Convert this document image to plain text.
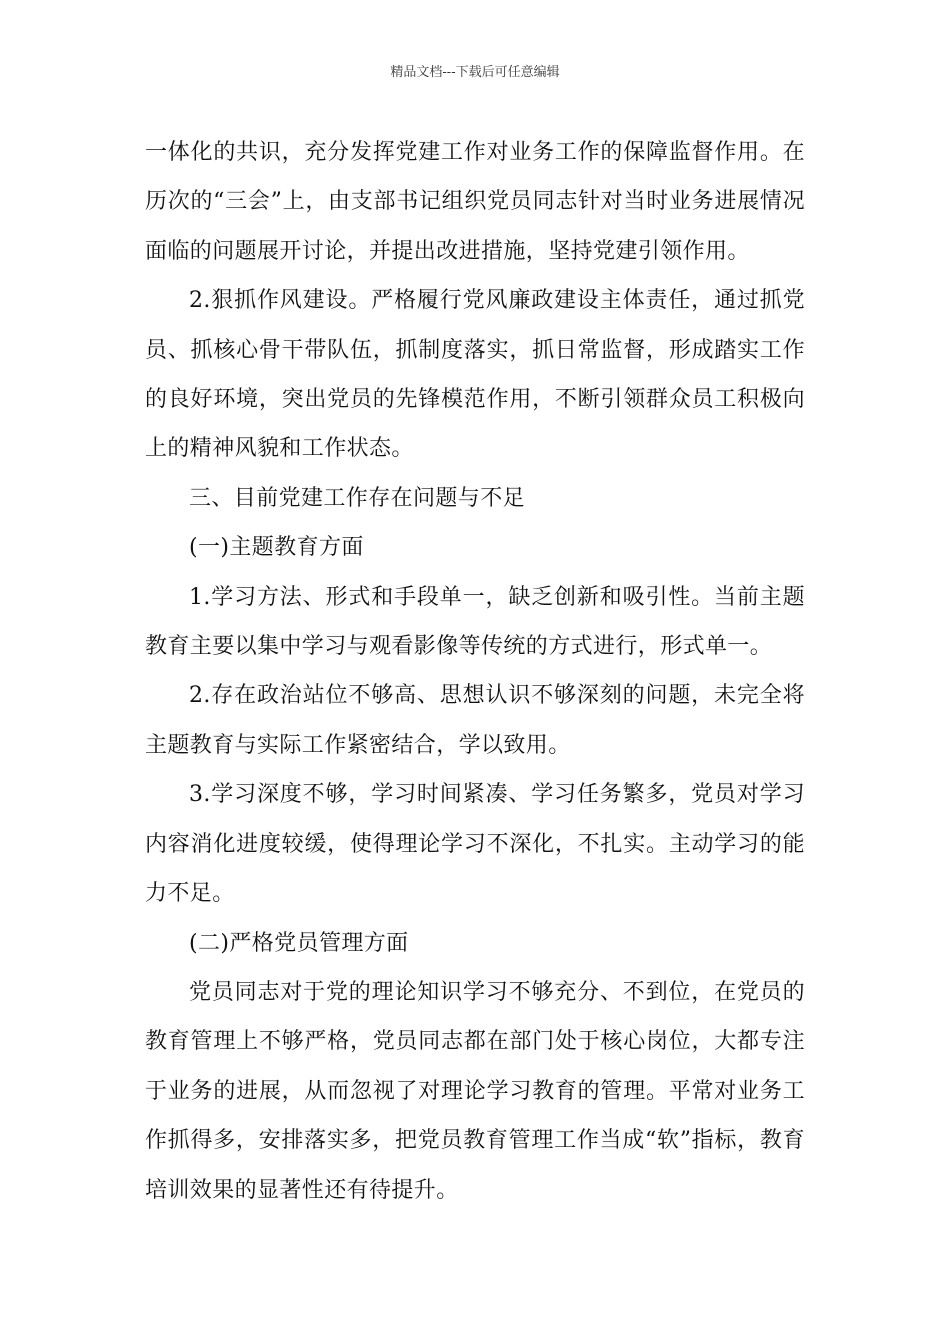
精品文档---下载后可任意编辑

一体化的共识，充分发挥党建工作对业务工作的保障监督作用。在历次的“三会”上，由支部书记组织党员同志针对当时业务进展情况面临的问题展开讨论，并提出改进措施，坚持党建引领作用。

2.狠抓作风建设。严格履行党风廉政建设主体责任，通过抓党员、抓核心骨干带队伍，抓制度落实，抓日常监督，形成踏实工作的良好环境，突出党员的先锋模范作用，不断引领群众员工积极向上的精神风貌和工作状态。

三、目前党建工作存在问题与不足

(一)主题教育方面

1.学习方法、形式和手段单一，缺乏创新和吸引性。当前主题教育主要以集中学习与观看影像等传统的方式进行，形式单一。

2.存在政治站位不够高、思想认识不够深刻的问题，未完全将主题教育与实际工作紧密结合，学以致用。

3.学习深度不够，学习时间紧凑、学习任务繁多，党员对学习内容消化进度较缓，使得理论学习不深化，不扎实。主动学习的能力不足。

(二)严格党员管理方面

党员同志对于党的理论知识学习不够充分、不到位，在党员的教育管理上不够严格，党员同志都在部门处于核心岗位，大都专注于业务的进展，从而忽视了对理论学习教育的管理。平常对业务工作抓得多，安排落实多，把党员教育管理工作当成“软”指标，教育培训效果的显著性还有待提升。
